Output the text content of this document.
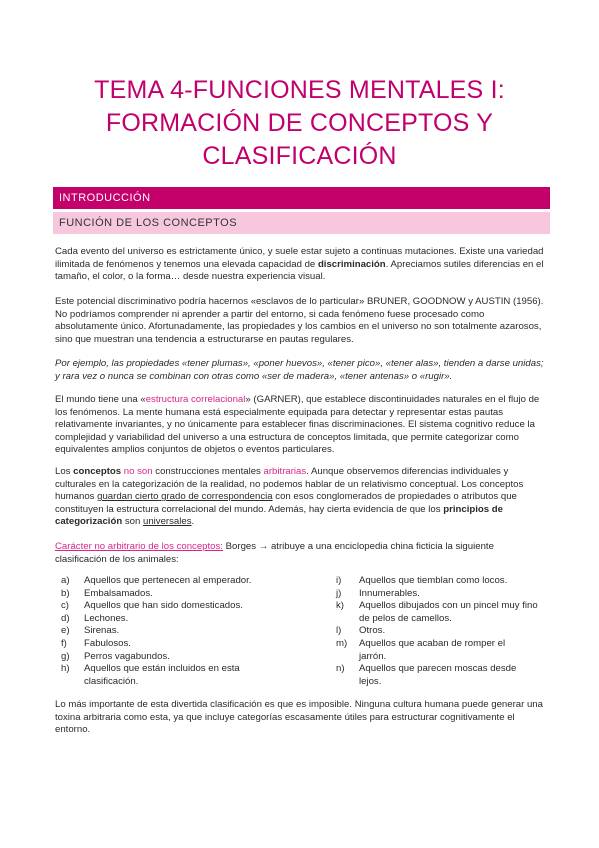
TEMA 4-FUNCIONES MENTALES I:
FORMACIÓN DE CONCEPTOS Y
CLASIFICACIÓN
INTRODUCCIÓN
FUNCIÓN DE LOS CONCEPTOS
Cada evento del universo es estrictamente único, y suele estar sujeto a continuas mutaciones. Existe una variedad ilimitada de fenómenos y tenemos una elevada capacidad de discriminación. Apreciamos sutiles diferencias en el tamaño, el color, o la forma… desde nuestra experiencia visual.
Este potencial discriminativo podría hacernos «esclavos de lo particular» BRUNER, GOODNOW y AUSTIN (1956). No podríamos comprender ni aprender a partir del entorno, si cada fenómeno fuese procesado como absolutamente único. Afortunadamente, las propiedades y los cambios en el universo no son totalmente azarosos, sino que muestran una tendencia a estructurarse en pautas regulares.
Por ejemplo, las propiedades «tener plumas», «poner huevos», «tener pico», «tener alas», tienden a darse unidas; y rara vez o nunca se combinan con otras como «ser de madera», «tener antenas» o «rugir».
El mundo tiene una «estructura correlacional» (GARNER), que establece discontinuidades naturales en el flujo de los fenómenos. La mente humana está especialmente equipada para detectar y representar estas pautas relativamente invariantes, y no únicamente para establecer finas discriminaciones. El sistema cognitivo reduce la complejidad y variabilidad del universo a una estructura de conceptos limitada, que permite categorizar como equivalentes amplios conjuntos de objetos o eventos particulares.
Los conceptos no son construcciones mentales arbitrarias. Aunque observemos diferencias individuales y culturales en la categorización de la realidad, no podemos hablar de un relativismo conceptual. Los conceptos humanos guardan cierto grado de correspondencia con esos conglomerados de propiedades o atributos que constituyen la estructura correlacional del mundo. Además, hay cierta evidencia de que los principios de categorización son universales.
Carácter no arbitrario de los conceptos: Borges → atribuye a una enciclopedia china ficticia la siguiente clasificación de los animales:
a) Aquellos que pertenecen al emperador.
b) Embalsamados.
c) Aquellos que han sido domesticados.
d) Lechones.
e) Sirenas.
f) Fabulosos.
g) Perros vagabundos.
h) Aquellos que están incluidos en esta clasificación.
i) Aquellos que tiemblan como locos.
j) Innumerables.
k) Aquellos dibujados con un pincel muy fino de pelos de camellos.
l) Otros.
m) Aquellos que acaban de romper el jarrón.
n) Aquellos que parecen moscas desde lejos.
Lo más importante de esta divertida clasificación es que es imposible. Ninguna cultura humana puede generar una toxina arbitraria como esta, ya que incluye categorías escasamente útiles para estructurar cognitivamente el entorno.
